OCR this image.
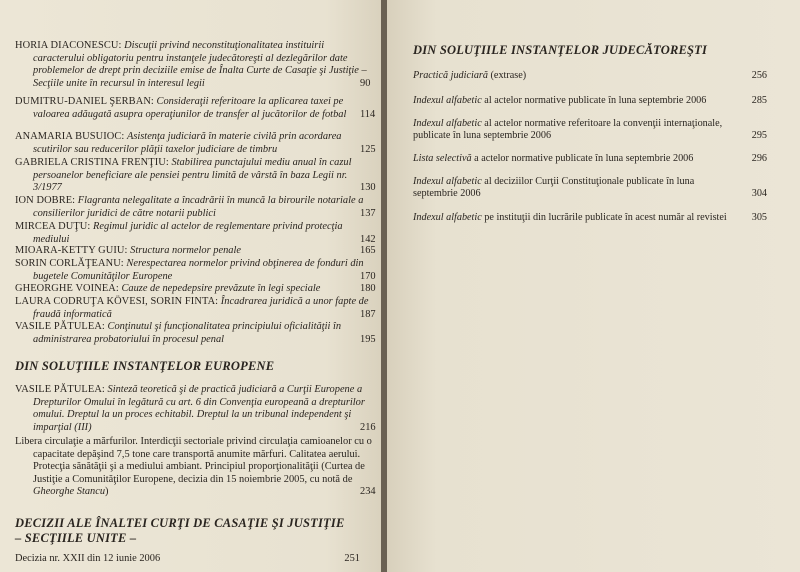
HORIA DIACONESCU: Discuţii privind neconstituţionalitatea instituirii caracterului obligatoriu pentru instanţele judecătoreşti al dezlegărilor date problemelor de drept prin deciziile emise de Înalta Curte de Casaţie şi Justiţie – Secţiile unite în recursul în interesul legii	90
DUMITRU-DANIEL ŞERBAN: Consideraţii referitoare la aplicarea taxei pe valoarea adăugată asupra operaţiunilor de transfer al jucătorilor de fotbal 114
ANAMARIA BUSUIOC: Asistenţa judiciară în materie civilă prin acordarea scutirilor sau reducerilor plăţii taxelor judiciare de timbru	125
GABRIELA CRISTINA FRENŢIU: Stabilirea punctajului mediu anual în cazul persoanelor beneficiare ale pensiei pentru limită de vârstă în baza Legii nr. 3/1977	130
ION DOBRE: Flagranta nelegalitate a încadrării în muncă la birourile notariale a consilierilor juridici de către notarii publici	137
MIRCEA DUŢU: Regimul juridic al actelor de reglementare privind protecţia mediului	142
MIOARA-KETTY GUIU: Structura normelor penale	165
SORIN CORLĂŢEANU: Nerespectarea normelor privind obţinerea de fonduri din bugetele Comunităţilor Europene	170
GHEORGHE VOINEA: Cauze de nepedepsire prevăzute în legi speciale	180
LAURA CODRUŢA KÖVESI, SORIN FINTA: Încadrarea juridică a unor fapte de fraudă informatică	187
VASILE PĂTULEA: Conţinutul şi funcţionalitatea principiului oficialităţii în administrarea probatoriului în procesul penal	195
DIN SOLUŢIILE INSTANŢELOR EUROPENE
VASILE PĂTULEA: Sinteză teoretică şi de practică judiciară a Curţii Europene a Drepturilor Omului în legătură cu art. 6 din Convenţia europeană a drepturilor omului. Dreptul la un proces echitabil. Dreptul la un tribunal independent şi imparţial (III)	216
Libera circulaţie a mărfurilor. Interdicţii sectoriale privind circulaţia camioanelor cu o capacitate depăşind 7,5 tone care transportă anumite mărfuri. Calitatea aerului. Protecţia sănătăţii şi a mediului ambiant. Principiul proporţionalităţii (Curtea de Justiţie a Comunităţilor Europene, decizia din 15 noiembrie 2005, cu notă de Gheorghe Stancu)	234
DECIZII ALE ÎNALTEI CURŢI DE CASAŢIE ŞI JUSTIŢIE
– SECŢIILE UNITE –
Decizia nr. XXII din 12 iunie 2006	251
DIN SOLUŢIILE INSTANŢELOR JUDECĂTOREŞTI
Practică judiciară (extrase)	256
Indexul alfabetic al actelor normative publicate în luna septembrie 2006	285
Indexul alfabetic al actelor normative referitoare la convenţii internaţionale, publicate în luna septembrie 2006	295
Lista selectivă a actelor normative publicate în luna septembrie 2006	296
Indexul alfabetic al deciziilor Curţii Constituţionale publicate în luna septembrie 2006	304
Indexul alfabetic pe instituţii din lucrările publicate în acest număr al revistei 305
